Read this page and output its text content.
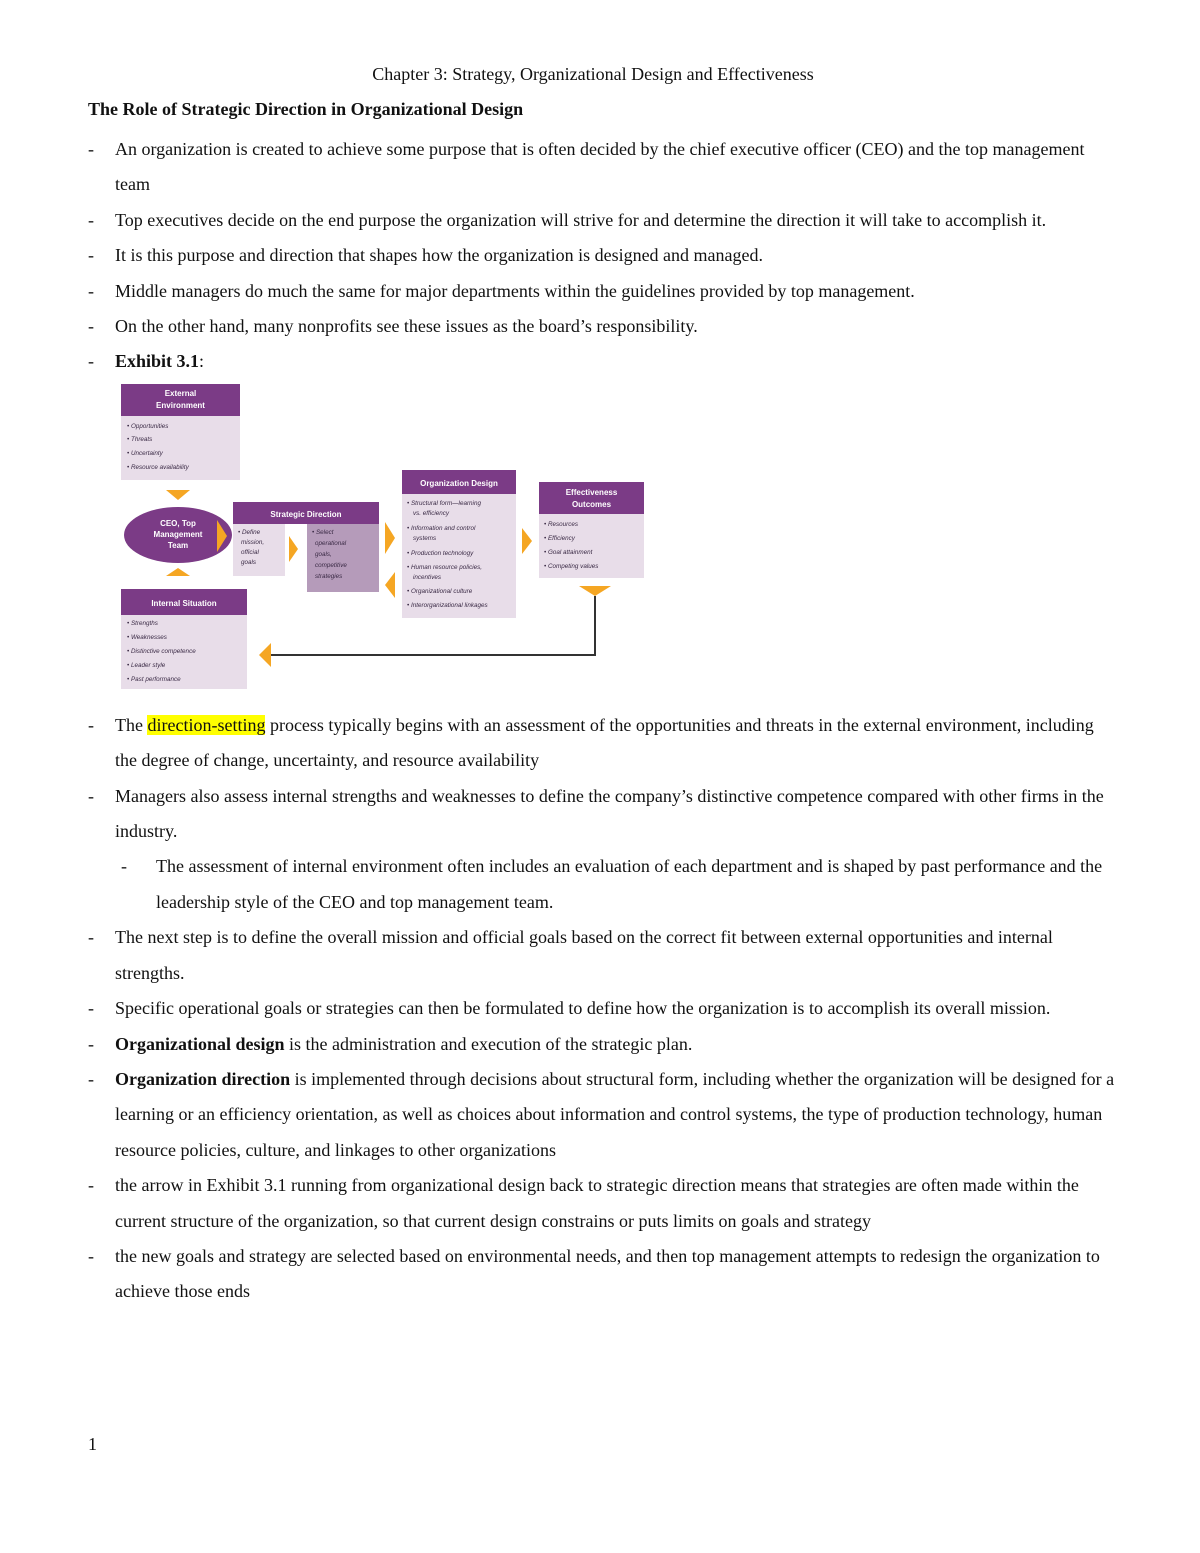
Chapter 3: Strategy, Organizational Design and Effectiveness
The Role of Strategic Direction in Organizational Design
-	An organization is created to achieve some purpose that is often decided by the chief executive officer (CEO) and the top management team
-	Top executives decide on the end purpose the organization will strive for and determine the direction it will take to accomplish it.
-	It is this purpose and direction that shapes how the organization is designed and managed.
-	Middle managers do much the same for major departments within the guidelines provided by top management.
-	On the other hand, many nonprofits see these issues as the board’s responsibility.
-	Exhibit 3.1:
External
Environment
• Opportunities
• Threats
• Uncertainty
• Resource availability
CEO, Top
Management
Team
Internal Situation
• Strengths
• Weaknesses
• Distinctive competence
• Leader style
• Past performance
Strategic Direction
• Define
mission,
official
goals
• Select
operational
goals,
competitive
strategies
Organization Design
• Structural form—learning
vs. efficiency
• Information and control
systems
• Production technology
• Human resource policies,
incentives
• Organizational culture
• Interorganizational linkages
Effectiveness
Outcomes
• Resources
• Efficiency
• Goal attainment
• Competing values
-	The direction-setting process typically begins with an assessment of the opportunities and threats in the external environment, including the degree of change, uncertainty, and resource availability
-	Managers also assess internal strengths and weaknesses to define the company’s distinctive competence compared with other firms in the industry.
-	The assessment of internal environment often includes an evaluation of each department and is shaped by past performance and the leadership style of the CEO and top management team.
-	The next step is to define the overall mission and official goals based on the correct fit between external opportunities and internal strengths.
-	Specific operational goals or strategies can then be formulated to define how the organization is to accomplish its overall mission.
-	Organizational design is the administration and execution of the strategic plan.
-	Organization direction is implemented through decisions about structural form, including whether the organization will be designed for a learning or an efficiency orientation, as well as choices about information and control systems, the type of production technology, human resource policies, culture, and linkages to other organizations
-	the arrow in Exhibit 3.1 running from organizational design back to strategic direction means that strategies are often made within the current structure of the organization, so that current design constrains or puts limits on goals and strategy
-	the new goals and strategy are selected based on environmental needs, and then top management attempts to redesign the organization to achieve those ends
1
